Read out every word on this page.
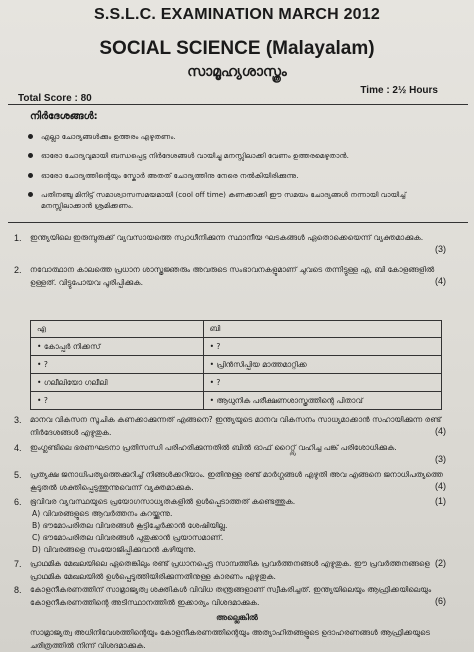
S.S.L.C. EXAMINATION MARCH 2012
SOCIAL SCIENCE (Malayalam)
സാമൂഹ്യശാസ്ത്രം
Time : 2½ Hours
Total Score : 80
നിർദേശങ്ങൾ:
എല്ലാ ചോദ്യങ്ങൾക്കും ഉത്തരം എഴുതണം.
ഓരോ ചോദ്യവുമായി ബന്ധപ്പെട്ട നിർദേശങ്ങൾ വായിച്ചു മനസ്സിലാക്കി വേണം ഉത്തരമെഴുതാൻ.
ഓരോ ചോദ്യത്തിന്റെയും സ്കോർ അതത് ചോദ്യത്തിനു നേരെ നൽകിയിരിക്കുന്നു.
പതിനഞ്ചു മിനിട്ട് സമാശ്വാസസമയമായി (cool off time) കണക്കാക്കി ഈ സമയം ചോദ്യങ്ങൾ നന്നായി വായിച്ച് മനസ്സിലാക്കാൻ ശ്രമിക്കണം.
1. ഇന്ത്യയിലെ ഇരുമ്പുരുക്ക് വ്യവസായത്തെ സ്വാധീനിക്കുന്ന സ്ഥാനീയ ഘടകങ്ങൾ ഏതൊക്കെയെന്ന് വ്യക്തമാക്കുക.
(3)
2. നവോത്ഥാന കാലത്തെ പ്രധാന ശാസ്ത്രജ്ഞരും അവരുടെ സംഭാവനകളുമാണ് ചുവടെ തന്നിട്ടുള്ള എ, ബി കോളങ്ങളിൽ ഉള്ളത്. വിട്ടുപോയവ പൂരിപ്പിക്കുക.	(4)
എ	ബി
• കോപ്പർ നിക്കസ്	• ?
• ?	• പ്രിൻസിപ്പിയ മാത്തമാറ്റിക്ക
• ഗലീലിയോ ഗലീലി	• ?
• ?	• ആധുനിക പരീക്ഷണശാസ്ത്രത്തിന്റെ പിതാവ്
3. മാനവ വികസന സൂചിക കണക്കാക്കുന്നത് എങ്ങനെ? ഇന്ത്യയുടെ മാനവ വികസനം സാധ്യമാക്കാൻ സഹായിക്കുന്ന രണ്ട് നിർദേശങ്ങൾ എഴുതുക.	(4)
4. ഇംഗ്ലണ്ടിലെ ഭരണഘടനാ പ്രതിസന്ധി പരിഹരിക്കുന്നതിൽ ബിൽ ഓഫ് റൈറ്റ്സ് വഹിച്ച പങ്ക് പരിശോധിക്കുക.
(3)
5. പ്രത്യക്ഷ ജനാധിപത്യത്തെക്കുറിച്ച് നിങ്ങൾക്കറിയാം. ഇതിനുള്ള രണ്ട് മാർഗ്ഗങ്ങൾ എഴുതി അവ എങ്ങനെ ജനാധിപത്യത്തെ കൂടുതൽ ശക്തിപ്പെടുത്തുന്നുവെന്ന് വ്യക്തമാക്കുക.	(4)
6. ഭൂവിവര വ്യവസ്ഥയുടെ പ്രയോഗസാധ്യതകളിൽ ഉൾപ്പെടാത്തത് കണ്ടെത്തുക.	(1)
A) വിവരങ്ങളുടെ ആവർത്തനം കുറയ്ക്കുന്നു.
B) ഭൗമോപരിതല വിവരങ്ങൾ കൂട്ടിച്ചേർക്കാൻ ശേഷിയില്ല.
C) ഭൗമോപരിതല വിവരങ്ങൾ പുതുക്കാൻ പ്രയാസമാണ്.
D) വിവരങ്ങളെ സംയോജിപ്പിക്കുവാൻ കഴിയുന്നു.
7. പ്രാഥമിക മേഖലയിലെ ഏതെങ്കിലും രണ്ട് പ്രധാനപ്പെട്ട സാമ്പത്തിക പ്രവർത്തനങ്ങൾ എഴുതുക. ഈ പ്രവർത്തനങ്ങളെ പ്രാഥമിക മേഖലയിൽ ഉൾപ്പെടുത്തിയിരിക്കുന്നതിനുള്ള കാരണം എഴുതുക.
(2)
8. കോളനീകരണത്തിന് സാമ്രാജ്യത്വ ശക്തികൾ വിവിധ തന്ത്രങ്ങളാണ് സ്വീകരിച്ചത്. ഇന്ത്യയിലെയും ആഫ്രിക്കയിലെയും കോളനീകരണത്തിന്റെ അടിസ്ഥാനത്തിൽ ഇക്കാര്യം വിശദമാക്കുക.	(6)
അല്ലെങ്കിൽ
സാമ്രാജ്യത്വ അധിനിവേശത്തിന്റെയും കോളനീകരണത്തിന്റെയും അത്യാഹിതങ്ങളുടെ ഉദാഹരണങ്ങൾ ആഫ്രിക്കയുടെ ചരിത്രത്തിൽ നിന്ന് വിശദമാക്കുക.
